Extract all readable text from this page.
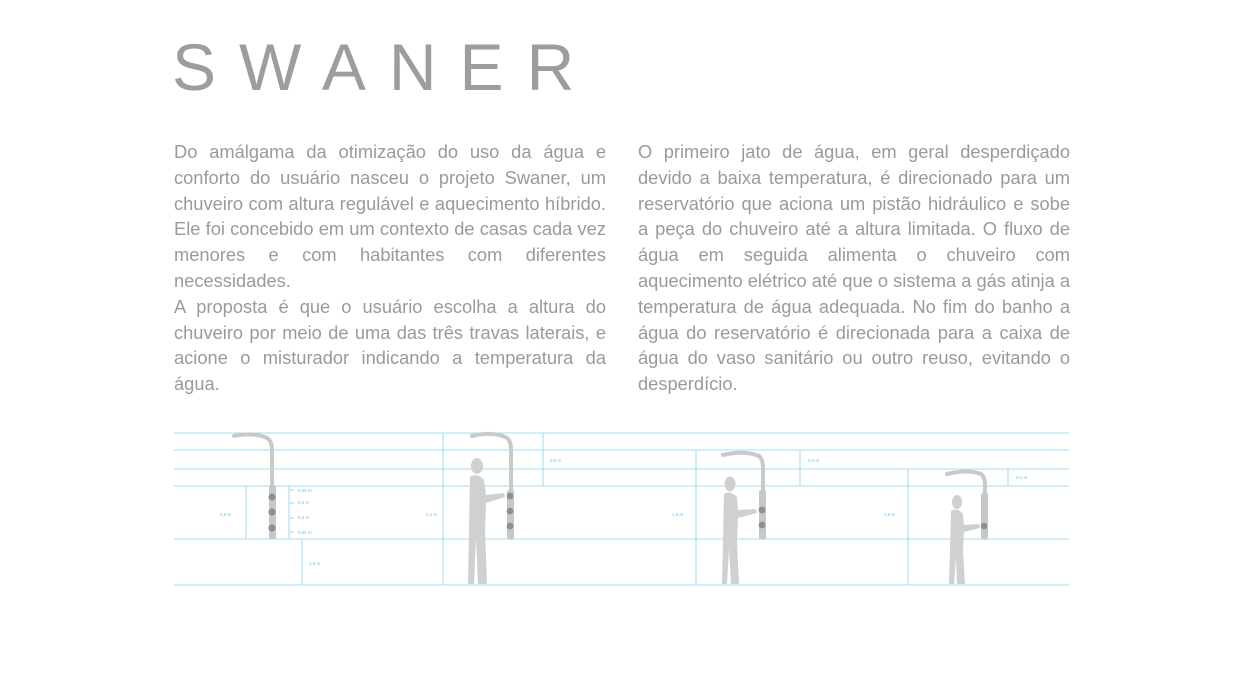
SWANER

Do amálgama da otimização do uso da água e conforto do usuário nasceu o projeto Swaner, um chuveiro com altura regulável e aquecimento híbrido. Ele foi concebido em um contexto de casas cada vez menores e com habitantes com diferentes necessidades.

A proposta é que o usuário escolha a altura do chuveiro por meio de uma das três travas laterais, e acione o misturador indicando a temperatura da água.

O primeiro jato de água, em geral desperdiçado devido a baixa temperatura, é direcionado para um reservatório que aciona um pistão hidráulico e sobe a peça do chuveiro até a altura limitada. O fluxo de água em seguida alimenta o chuveiro com aquecimento elétrico até que o sistema a gás atinja a temperatura de água adequada. No fim do banho a água do reservatório é direcionada para a caixa de água do vaso sanitário ou outro reuso, evitando o desperdício.

0,9 m
0,05 m
0,2 m
0,2 m
0,05 m
1,0 m
2,1 m
0,6 m
1,8 m
0,4 m
1,6 m
0,1 m
